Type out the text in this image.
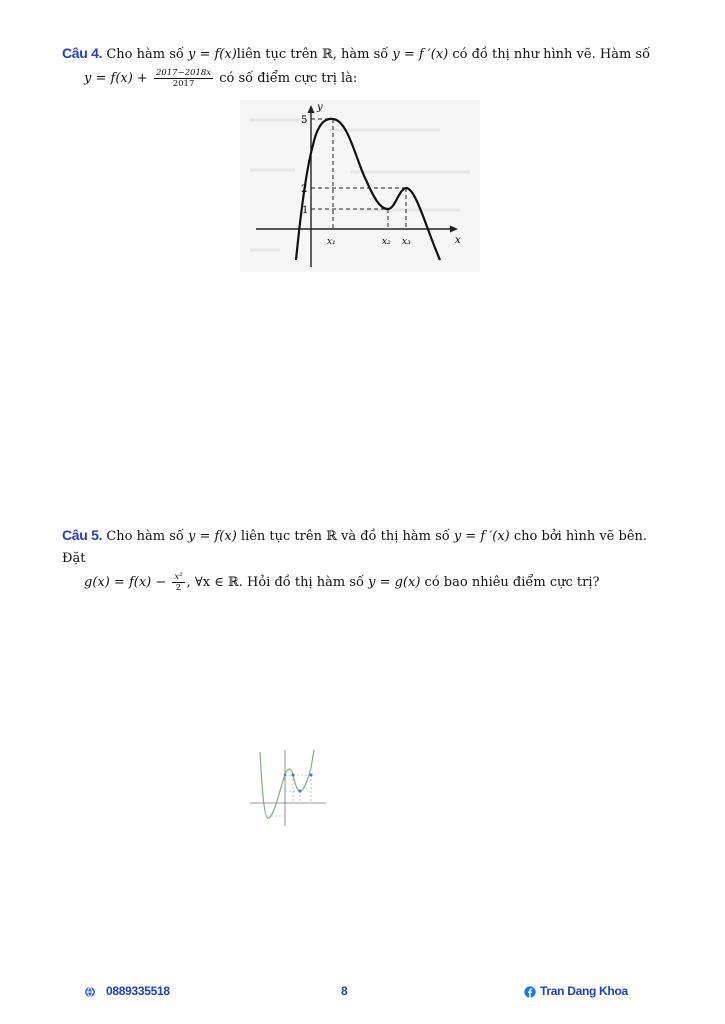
Câu 4. Cho hàm số y = f(x)liên tục trên ℝ, hàm số y = f ′(x) có đồ thị như hình vẽ. Hàm số
$y = f(x) + \frac{2017-2018x}{2017}$ có số điểm cực trị là:
y
x
5
2
1
x₁	x₂ x₃
Câu 5. Cho hàm số y = f(x) liên tục trên ℝ và đồ thị hàm số y = f ′(x) cho bởi hình vẽ bên. Đặt
$g(x) = f(x) - \frac{\text{x²}}{2}$ , ∀x ∈ ℝ. Hỏi đồ thị hàm số y = g(x) có bao nhiêu điểm cực trị?
0889335518	8	Tran Dang Khoa
